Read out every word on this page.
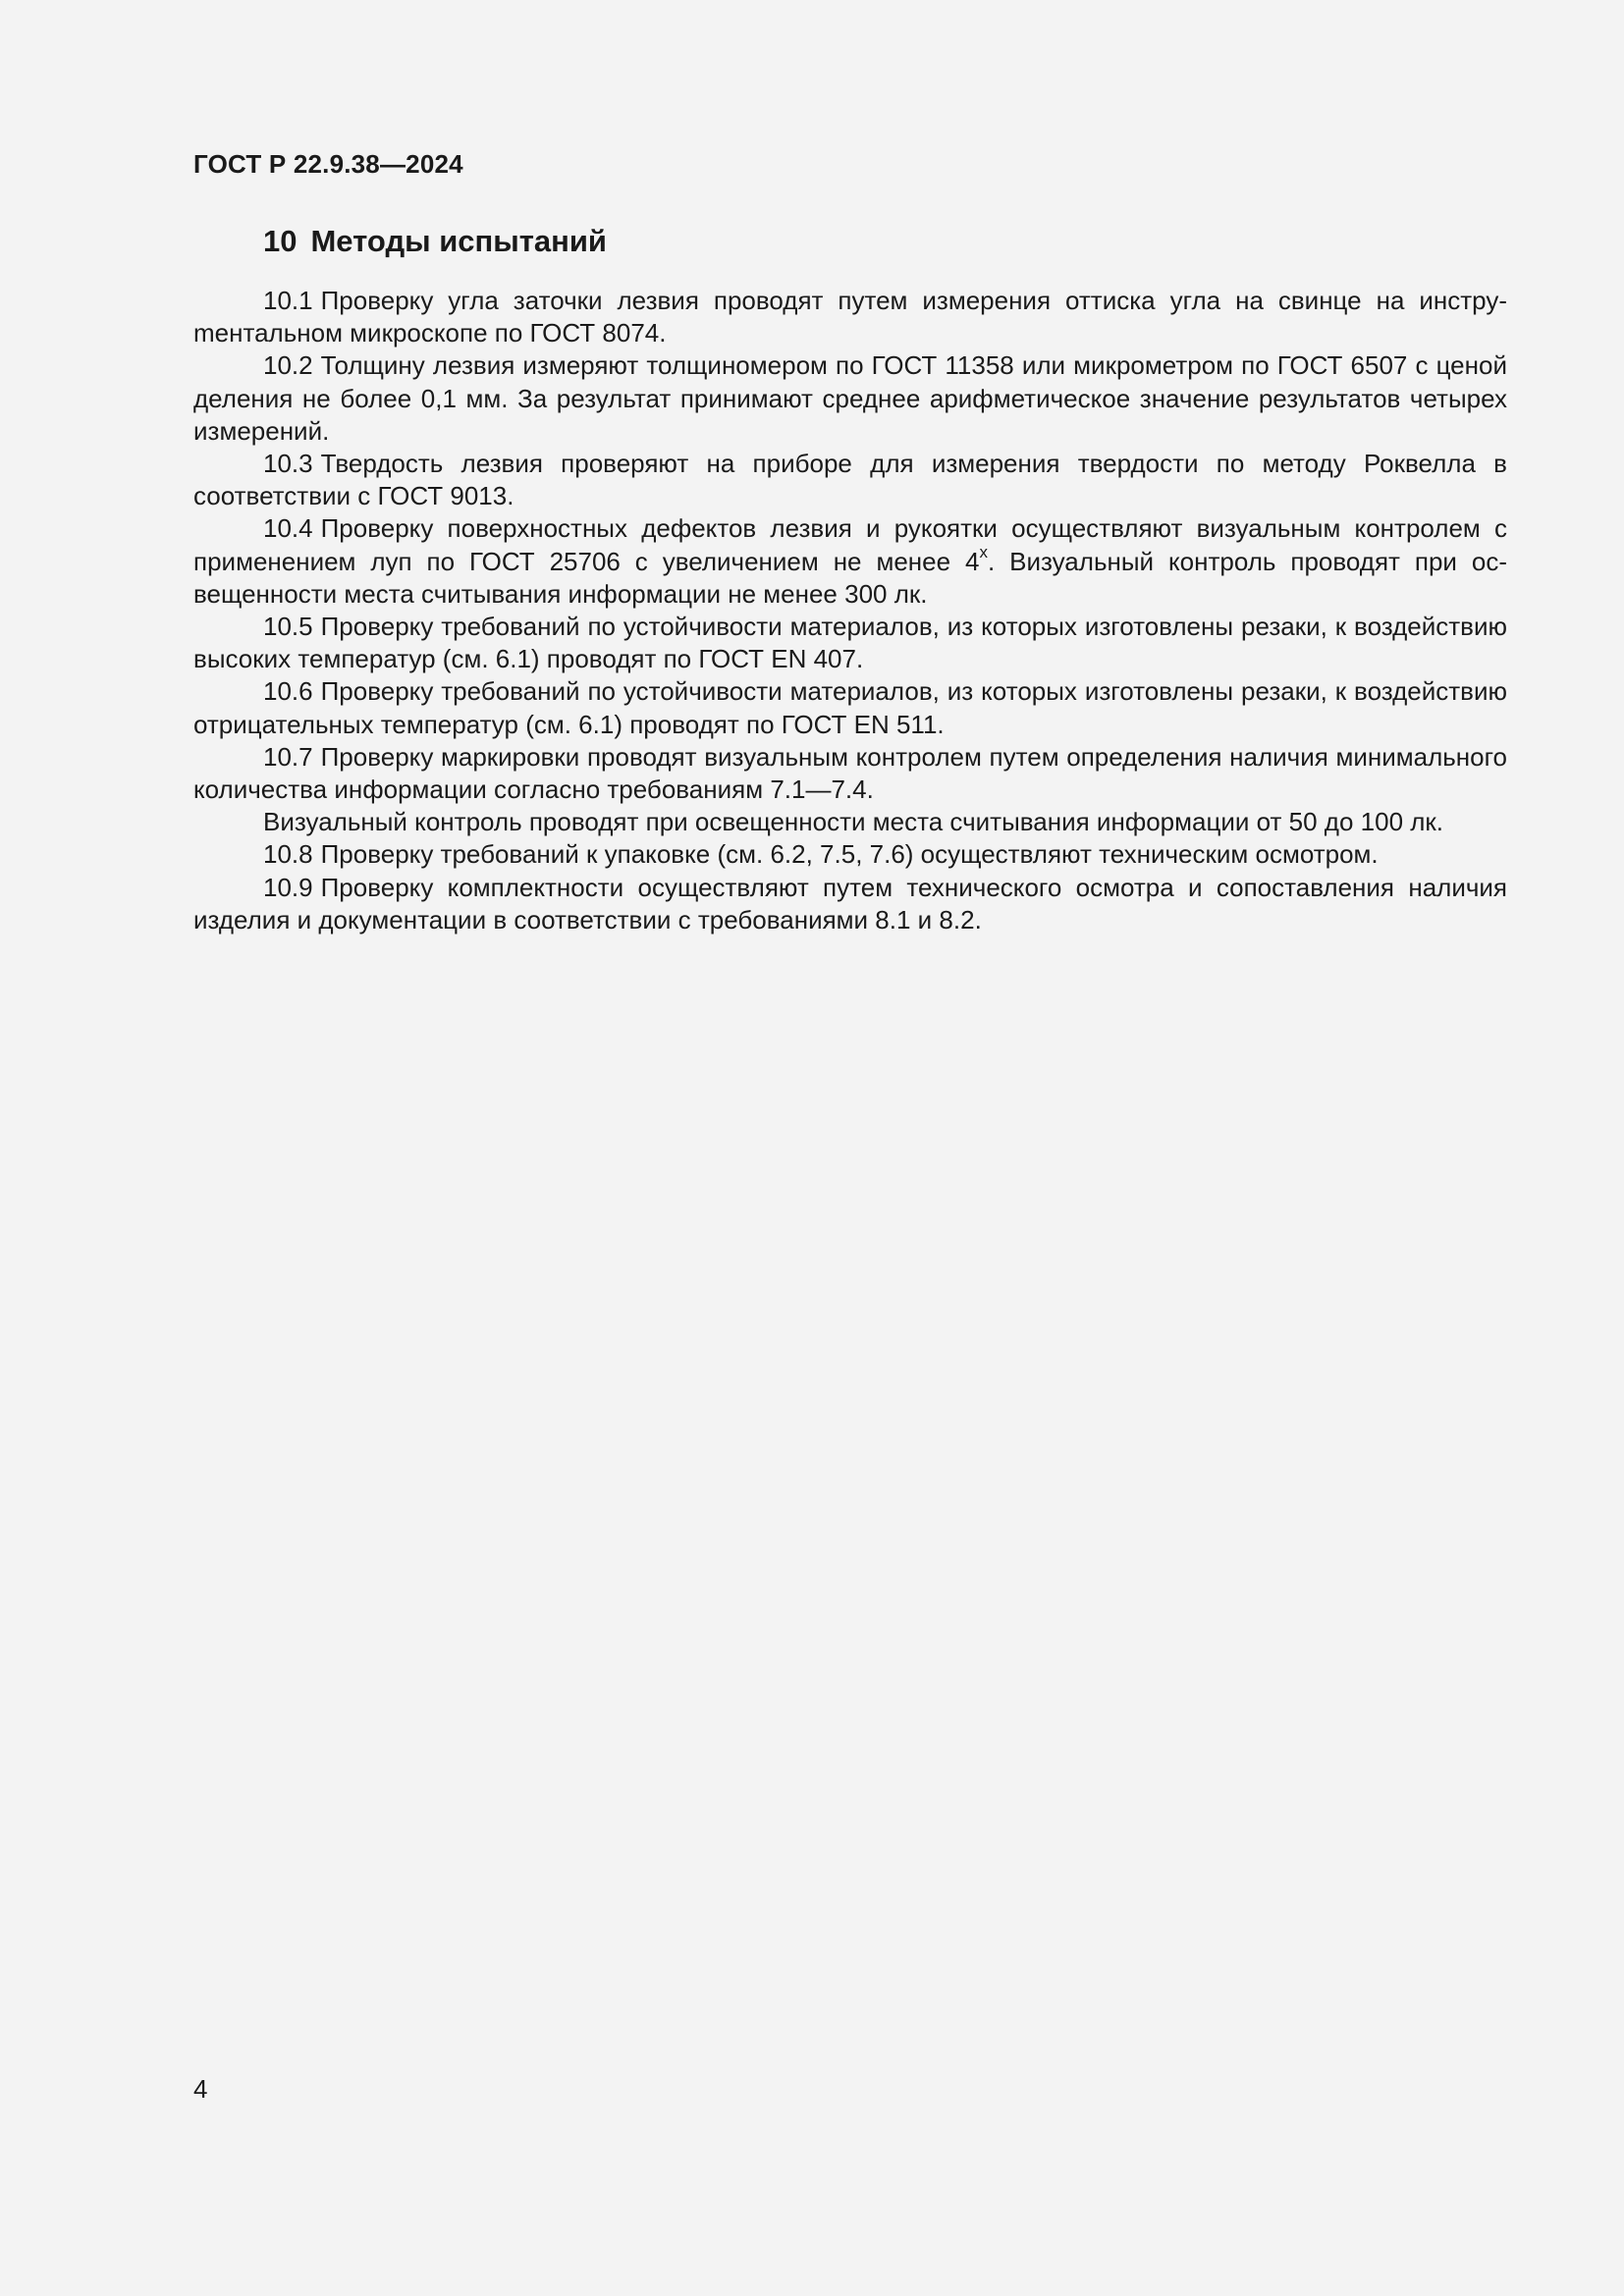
ГОСТ Р 22.9.38—2024
10 Методы испытаний

10.1 Проверку угла заточки лезвия проводят путем измерения оттиска угла на свинце на инструmентальном микроскопе по ГОСТ 8074.

10.2 Толщину лезвия измеряют толщиномером по ГОСТ 11358 или микрометром по ГОСТ 6507 с ценой деления не более 0,1 мм. За результат принимают среднее арифметическое значение результатов четырех измерений.

10.3 Твердость лезвия проверяют на приборе для измерения твердости по методу Роквелла в соответствии с ГОСТ 9013.

10.4 Проверку поверхностных дефектов лезвия и рукоятки осуществляют визуальным контролем с применением луп по ГОСТ 25706 с увеличением не менее 4$^x$. Визуальный контроль проводят при освещенности места считывания информации не менее 300 лк.

10.5 Проверку требований по устойчивости материалов, из которых изготовлены резаки, к воздействию высоких температур (см. 6.1) проводят по ГОСТ EN 407.

10.6 Проверку требований по устойчивости материалов, из которых изготовлены резаки, к воздействию отрицательных температур (см. 6.1) проводят по ГОСТ EN 511.

10.7 Проверку маркировки проводят визуальным контролем путем определения наличия минимального количества информации согласно требованиям 7.1—7.4.

Визуальный контроль проводят при освещенности места считывания информации от 50 до 100 лк.

10.8 Проверку требований к упаковке (см. 6.2, 7.5, 7.6) осуществляют техническим осмотром.

10.9 Проверку комплектности осуществляют путем технического осмотра и сопоставления наличия изделия и документации в соответствии с требованиями 8.1 и 8.2.

4
